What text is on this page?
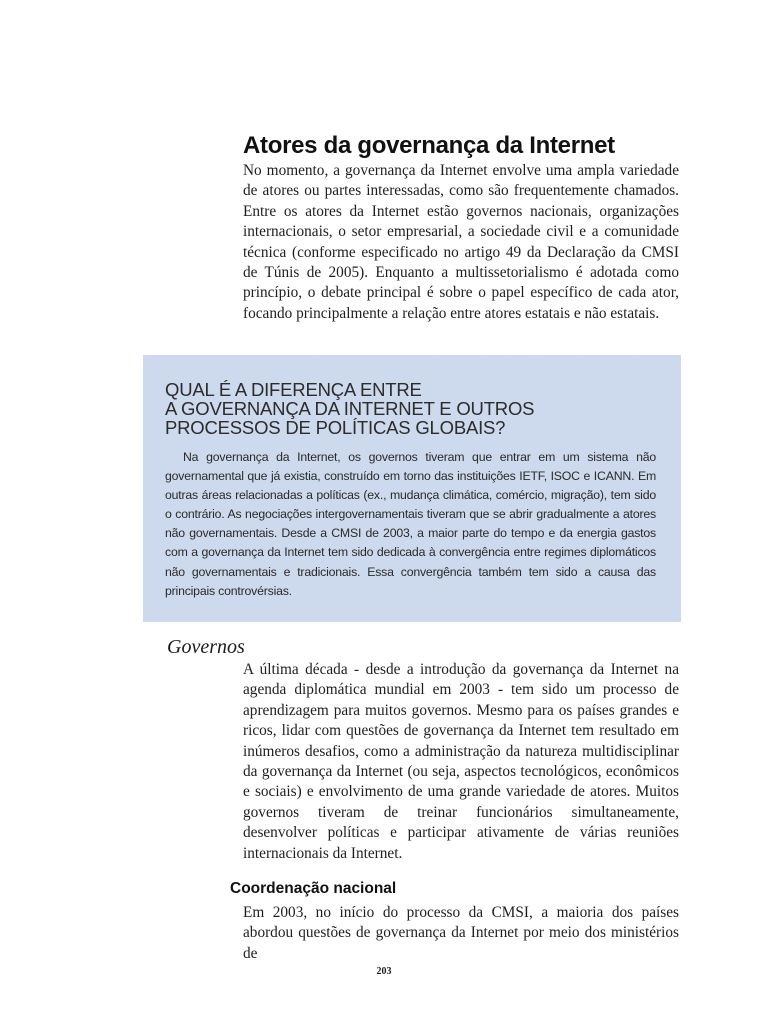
Atores da governança da Internet

No momento, a governança da Internet envolve uma ampla variedade de atores ou partes interessadas, como são frequentemente chamados. Entre os atores da Internet estão governos nacionais, organizações internacionais, o setor empresarial, a sociedade civil e a comunidade técnica (conforme especificado no artigo 49 da Declaração da CMSI de Túnis de 2005). Enquanto a multissetorialismo é adotada como princípio, o debate principal é sobre o papel específico de cada ator, focando principalmente a relação entre atores estatais e não estatais.

QUAL É A DIFERENÇA ENTRE
A GOVERNANÇA DA INTERNET E OUTROS
PROCESSOS DE POLÍTICAS GLOBAIS?

Na governança da Internet, os governos tiveram que entrar em um sistema não governamental que já existia, construído em torno das instituições IETF, ISOC e ICANN. Em outras áreas relacionadas a políticas (ex., mudança climática, comércio, migração), tem sido o contrário. As negociações intergovernamentais tiveram que se abrir gradualmente a atores não governamentais. Desde a CMSI de 2003, a maior parte do tempo e da energia gastos com a governança da Internet tem sido dedicada à convergência entre regimes diplomáticos não governamentais e tradicionais. Essa convergência também tem sido a causa das principais controvérsias.

Governos

A última década - desde a introdução da governança da Internet na agenda diplomática mundial em 2003 - tem sido um processo de aprendizagem para muitos governos. Mesmo para os países grandes e ricos, lidar com questões de governança da Internet tem resultado em inúmeros desafios, como a administração da natureza multidisciplinar da governança da Internet (ou seja, aspectos tecnológicos, econômicos e sociais) e envolvimento de uma grande variedade de atores. Muitos governos tiveram de treinar funcionários simultaneamente, desenvolver políticas e participar ativamente de várias reuniões internacionais da Internet.

Coordenação nacional

Em 2003, no início do processo da CMSI, a maioria dos países abordou questões de governança da Internet por meio dos ministérios de

203
